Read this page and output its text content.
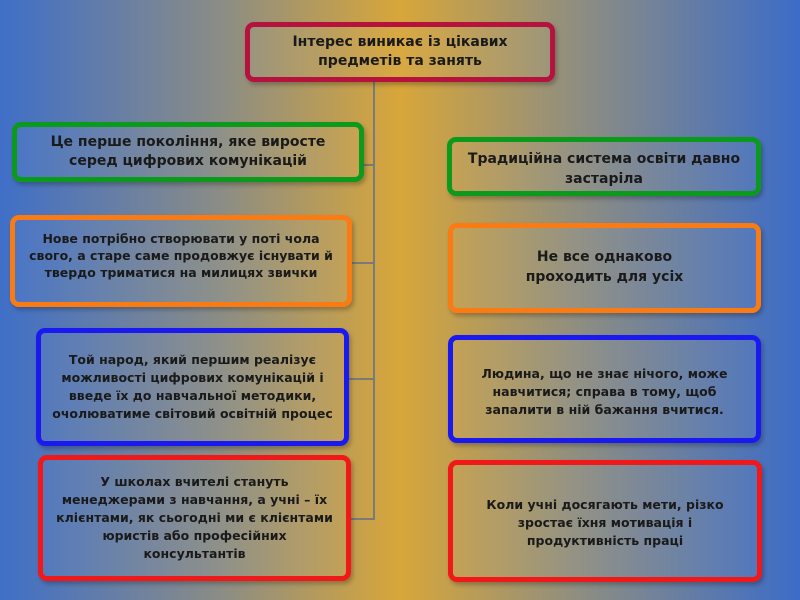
Інтерес виникає із цікавих предметів та занять
Це перше покоління, яке виросте серед цифрових комунікацій
Нове потрібно створювати у поті чола свого, а старе саме продовжує існувати й твердо триматися на милицях звички
Той народ, який першим реалізує можливості цифрових комунікацій і введе їх до навчальної методики, очолюватиме світовий освітній процес
У школах вчителі стануть менеджерами з навчання, а учні – їх клієнтами, як сьогодні ми є клієнтами юристів або професійних консультантів
Традиційна система освіти давно застаріла
Не все однаково проходить для усіх
Людина, що не знає нічого, може навчитися; справа в тому, щоб запалити в ній бажання вчитися.
Коли учні досягають мети, різко зростає їхня мотивація і продуктивність праці
